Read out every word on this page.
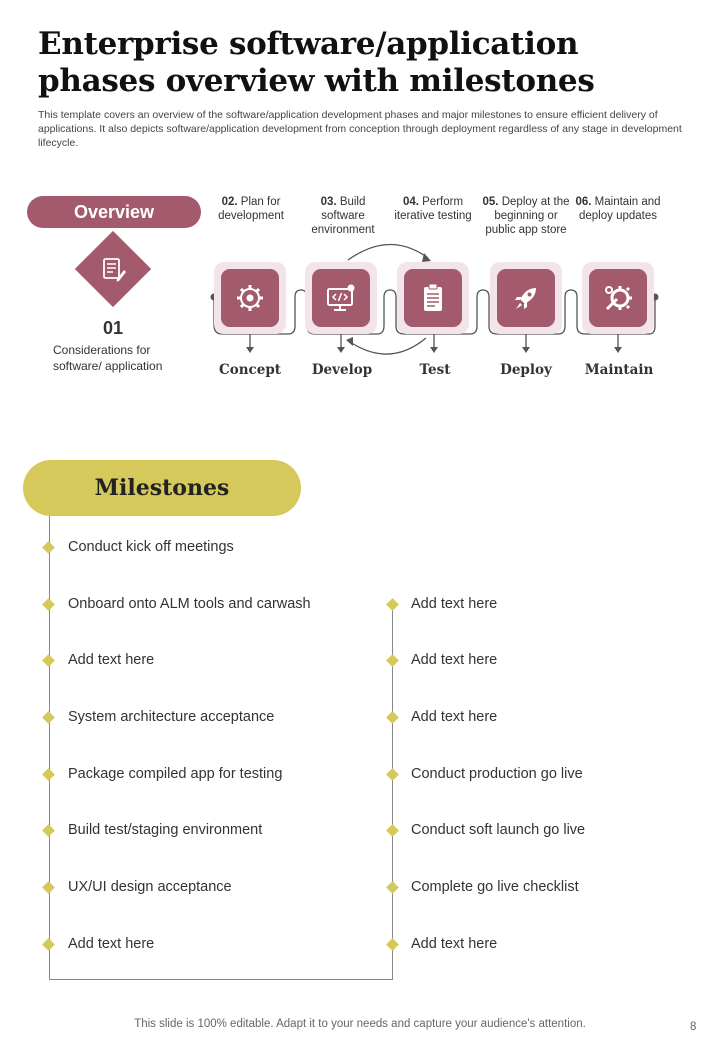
Enterprise software/application phases overview with milestones
This template covers an overview of the software/application development phases and major milestones to ensure efficient delivery of applications. It also depicts software/application development from conception through deployment regardless of any stage in development lifecycle.
Overview
01
Considerations for software/ application
02. Plan for development
03. Build software environment
04. Perform iterative testing
05. Deploy at the beginning or public app store
06. Maintain and deploy updates
Concept	Develop	Test	Deploy	Maintain
Milestones
Conduct kick off meetings
Onboard onto ALM tools and carwash
Add text here
System architecture acceptance
Package compiled app for testing
Build test/staging environment
UX/UI design acceptance
Add text here
Add text here
Add text here
Add text here
Conduct production go live
Conduct soft launch go live
Complete go live checklist
Add text here
This slide is 100% editable. Adapt it to your needs and capture your audience's attention.	8
